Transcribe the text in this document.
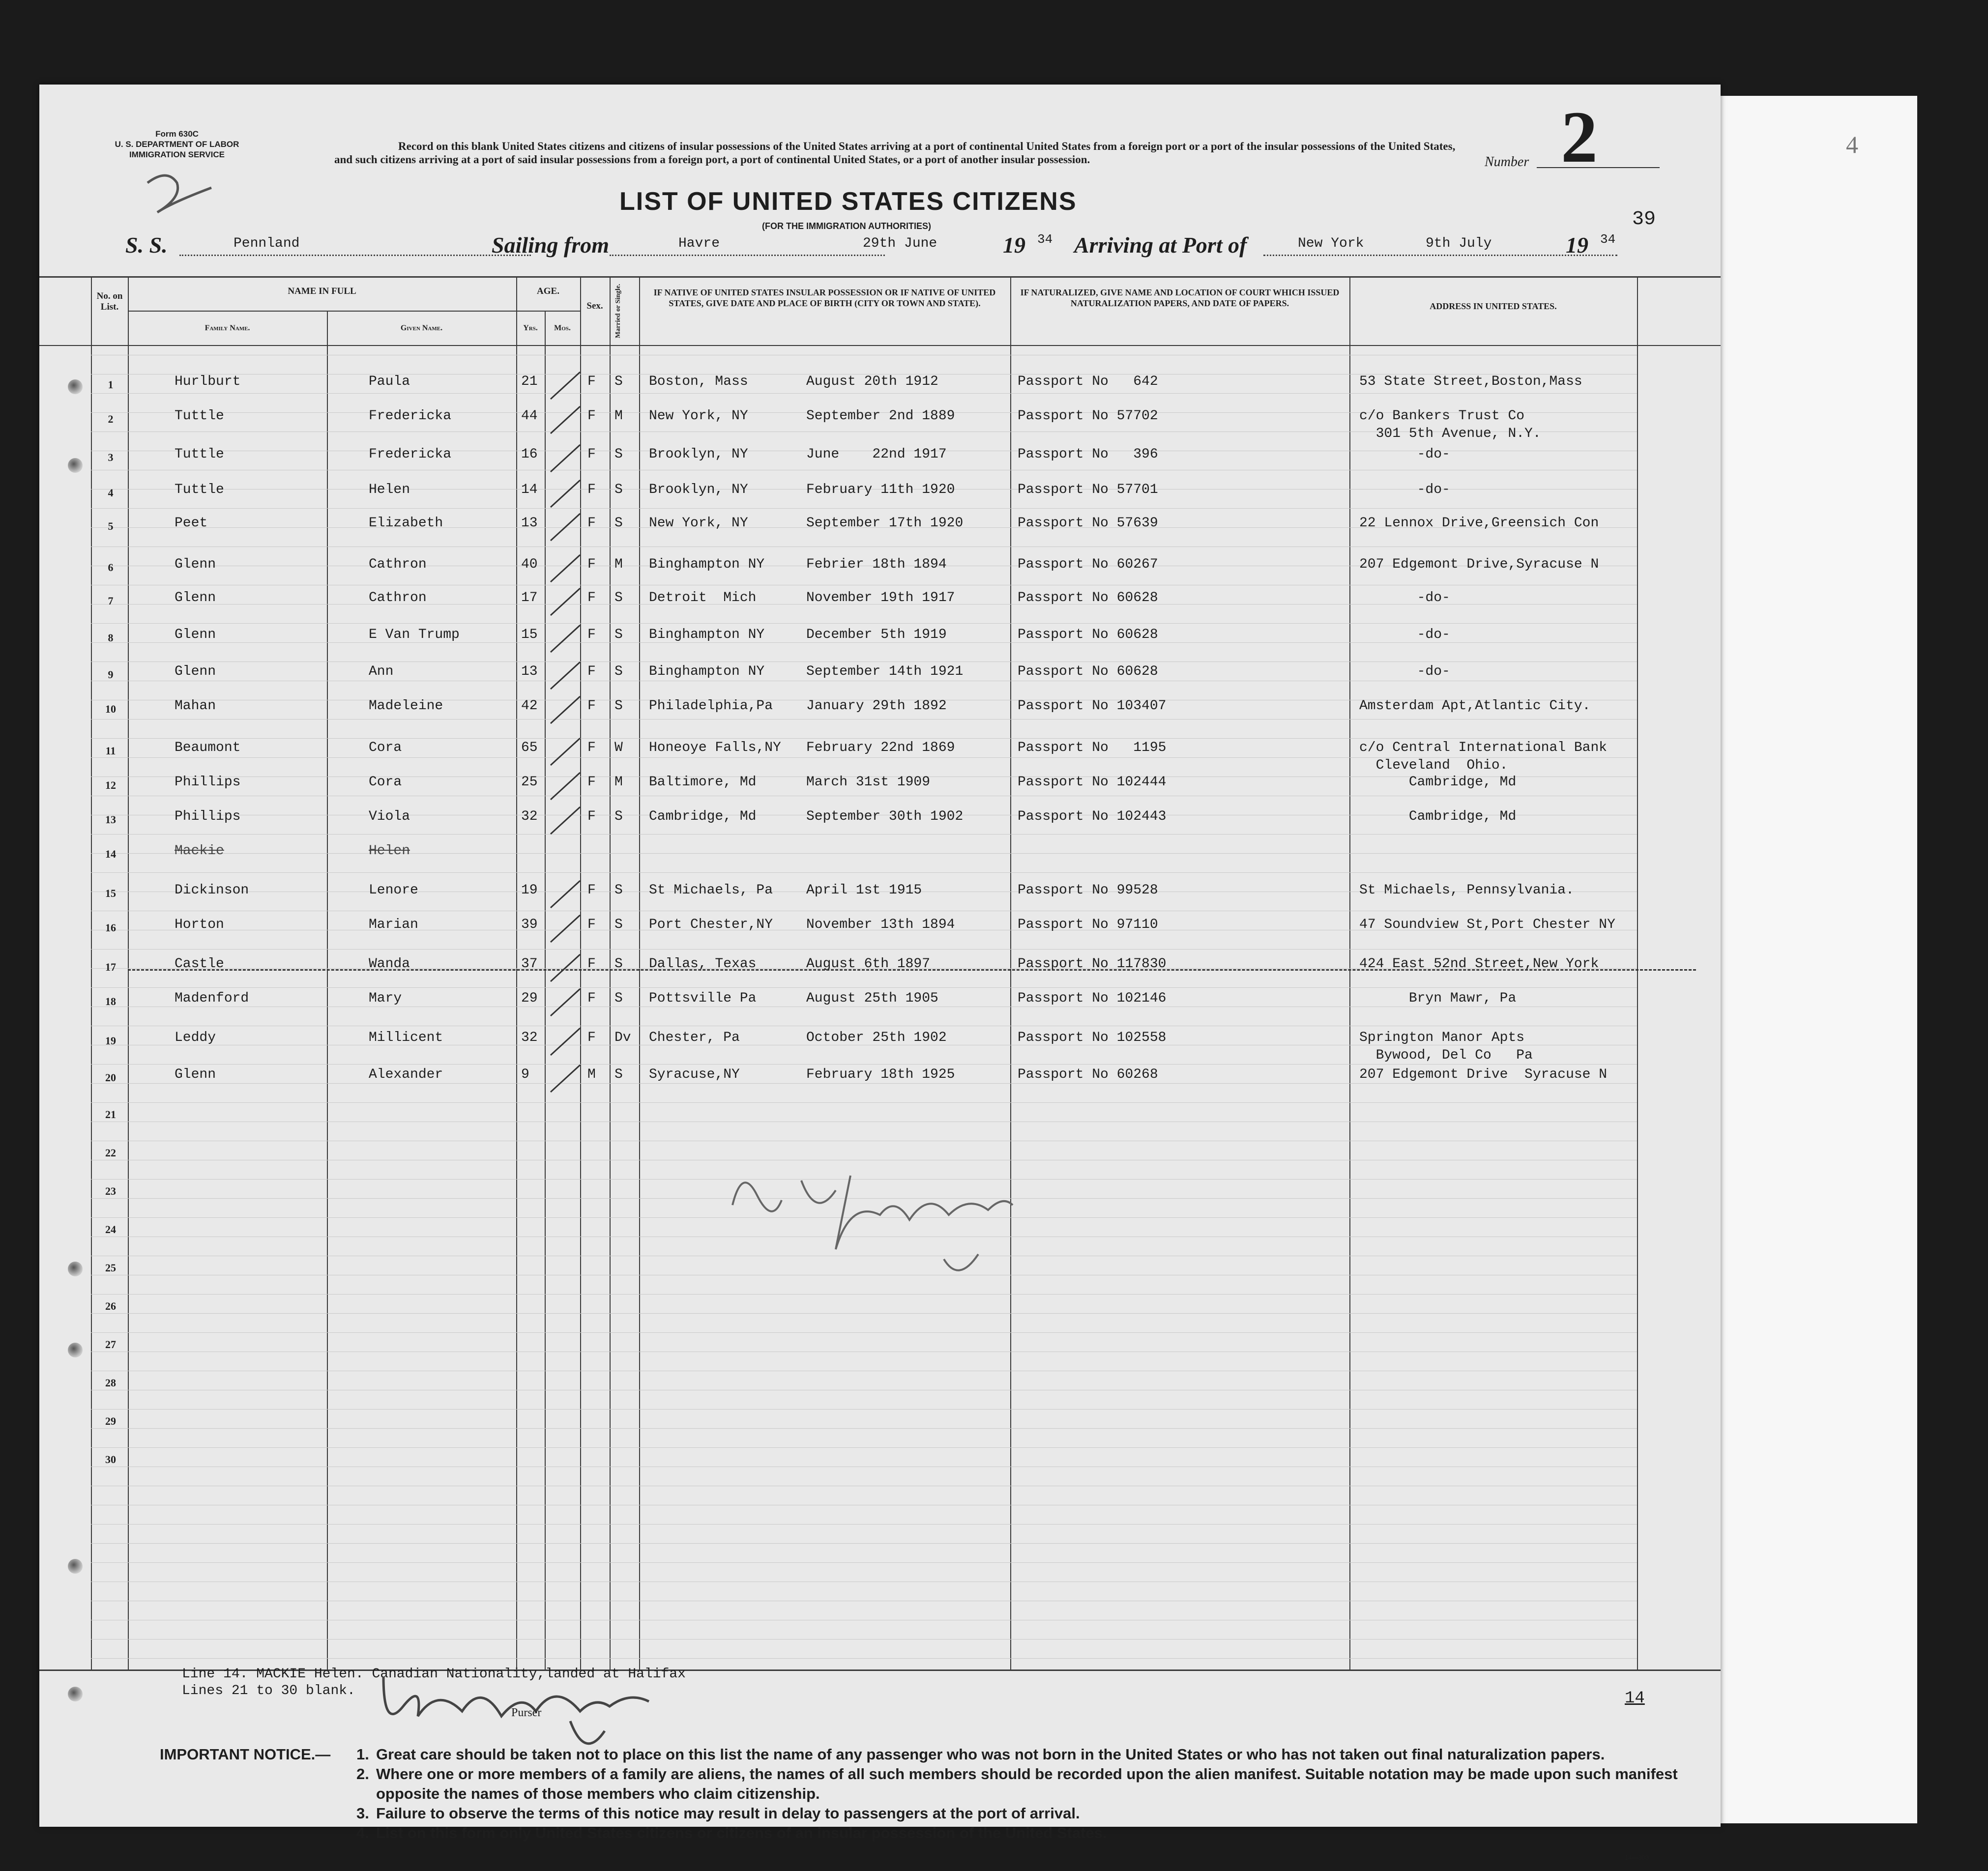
4
Form 630C
U. S. DEPARTMENT OF LABOR
IMMIGRATION SERVICE
Record on this blank United States citizens and citizens of insular possessions of the United States arriving at a port of continental United States from a foreign port or a port of the insular possessions of the United States, and such citizens arriving at a port of said insular possessions from a foreign port, a port of continental United States, or a port of another insular possession.	Number 2
39
LIST OF UNITED STATES CITIZENS
(FOR THE IMMIGRATION AUTHORITIES)
S. S.	Pennland	Sailing from	Havre	29th June	19 34 Arriving at Port of	New York	9th July	19 34
No. on List.
NAME IN FULL
Family Name.	Given Name.
AGE.
Yrs.	Mos.
Sex.	Married or Single.	IF NATIVE OF UNITED STATES INSULAR POSSESSION OR IF NATIVE OF UNITED STATES, GIVE DATE AND PLACE OF BIRTH (CITY OR TOWN AND STATE).
IF NATURALIZED, GIVE NAME AND LOCATION OF COURT WHICH ISSUED NATURALIZATION PAPERS, AND DATE OF PAPERS.	ADDRESS IN UNITED STATES.
1	Hurlburt	Paula	21	F S Boston, Mass	August 20th 1912	Passport No   642	53 State Street,Boston,Mass
2	Tuttle	Fredericka	44	F M New York, NY	September 2nd 1889	Passport No 57702	c/o Bankers Trust Co
301 5th Avenue, N.Y.
3	Tuttle	Fredericka	16	F S Brooklyn, NY	June    22nd 1917	Passport No   396	-do-
4	Tuttle	Helen	14	F S Brooklyn, NY	February 11th 1920	Passport No 57701	-do-
5	Peet	Elizabeth	13	F S New York, NY	September 17th 1920	Passport No 57639	22 Lennox Drive,Greensich Con
6	Glenn	Cathron	40	F M Binghampton NY	Febrier 18th 1894	Passport No 60267	207 Edgemont Drive,Syracuse N
7	Glenn	Cathron	17	F S Detroit  Mich	November 19th 1917	Passport No 60628	-do-
8	Glenn	E Van Trump	15	F S Binghampton NY	December 5th 1919	Passport No 60628	-do-
9	Glenn	Ann	13	F S Binghampton NY	September 14th 1921	Passport No 60628	-do-
10	Mahan	Madeleine	42	F S Philadelphia,Pa January 29th 1892	Passport No 103407	Amsterdam Apt,Atlantic City.
11	Beaumont	Cora	65	F W Honeoye Falls,NY February 22nd 1869	Passport No   1195	c/o Central International Bank
Cleveland  Ohio.
12	Phillips	Cora	25	F M Baltimore, Md	March 31st 1909	Passport No 102444	Cambridge, Md
13	Phillips	Viola	32	F S Cambridge, Md	September 30th 1902	Passport No 102443	Cambridge, Md
14	Mackie	Helen
15	Dickinson	Lenore	19	F S St Michaels, Pa April 1st 1915	Passport No 99528	St Michaels, Pennsylvania.
16	Horton	Marian	39	F S Port Chester,NY November 13th 1894	Passport No 97110	47 Soundview St,Port Chester NY
17	Castle	Wanda	37	F S Dallas, Texas	August 6th 1897	Passport No 117830	424 East 52nd Street,New York
18	Madenford	Mary	29	F S Pottsville Pa	August 25th 1905	Passport No 102146	Bryn Mawr, Pa
19	Leddy	Millicent	32	F Dv Chester, Pa	October 25th 1902	Passport No 102558	Springton Manor Apts
Bywood, Del Co   Pa
20	Glenn	Alexander	9	M S Syracuse,NY	February 18th 1925	Passport No 60268	207 Edgemont Drive  Syracuse N
21
22
23
24
25
26
27
28
29
30
Line 14. MACKIE Helen. Canadian Nationality,landed at Halifax
Lines 21 to 30 blank.
Purser
14
IMPORTANT NOTICE.— 1. Great care should be taken not to place on this list the name of any passenger who was not born in the United States or who has not taken out final naturalization papers.
2. Where one or more members of a family are aliens, the names of all such members should be recorded upon the alien manifest. Suitable notation may be made upon such manifest opposite the names of those members who claim citizenship.
3. Failure to observe the terms of this notice may result in delay to passengers at the port of arrival.
4. List on this form only United States citizens or citizens of an insular possession of the United States.
14—303
